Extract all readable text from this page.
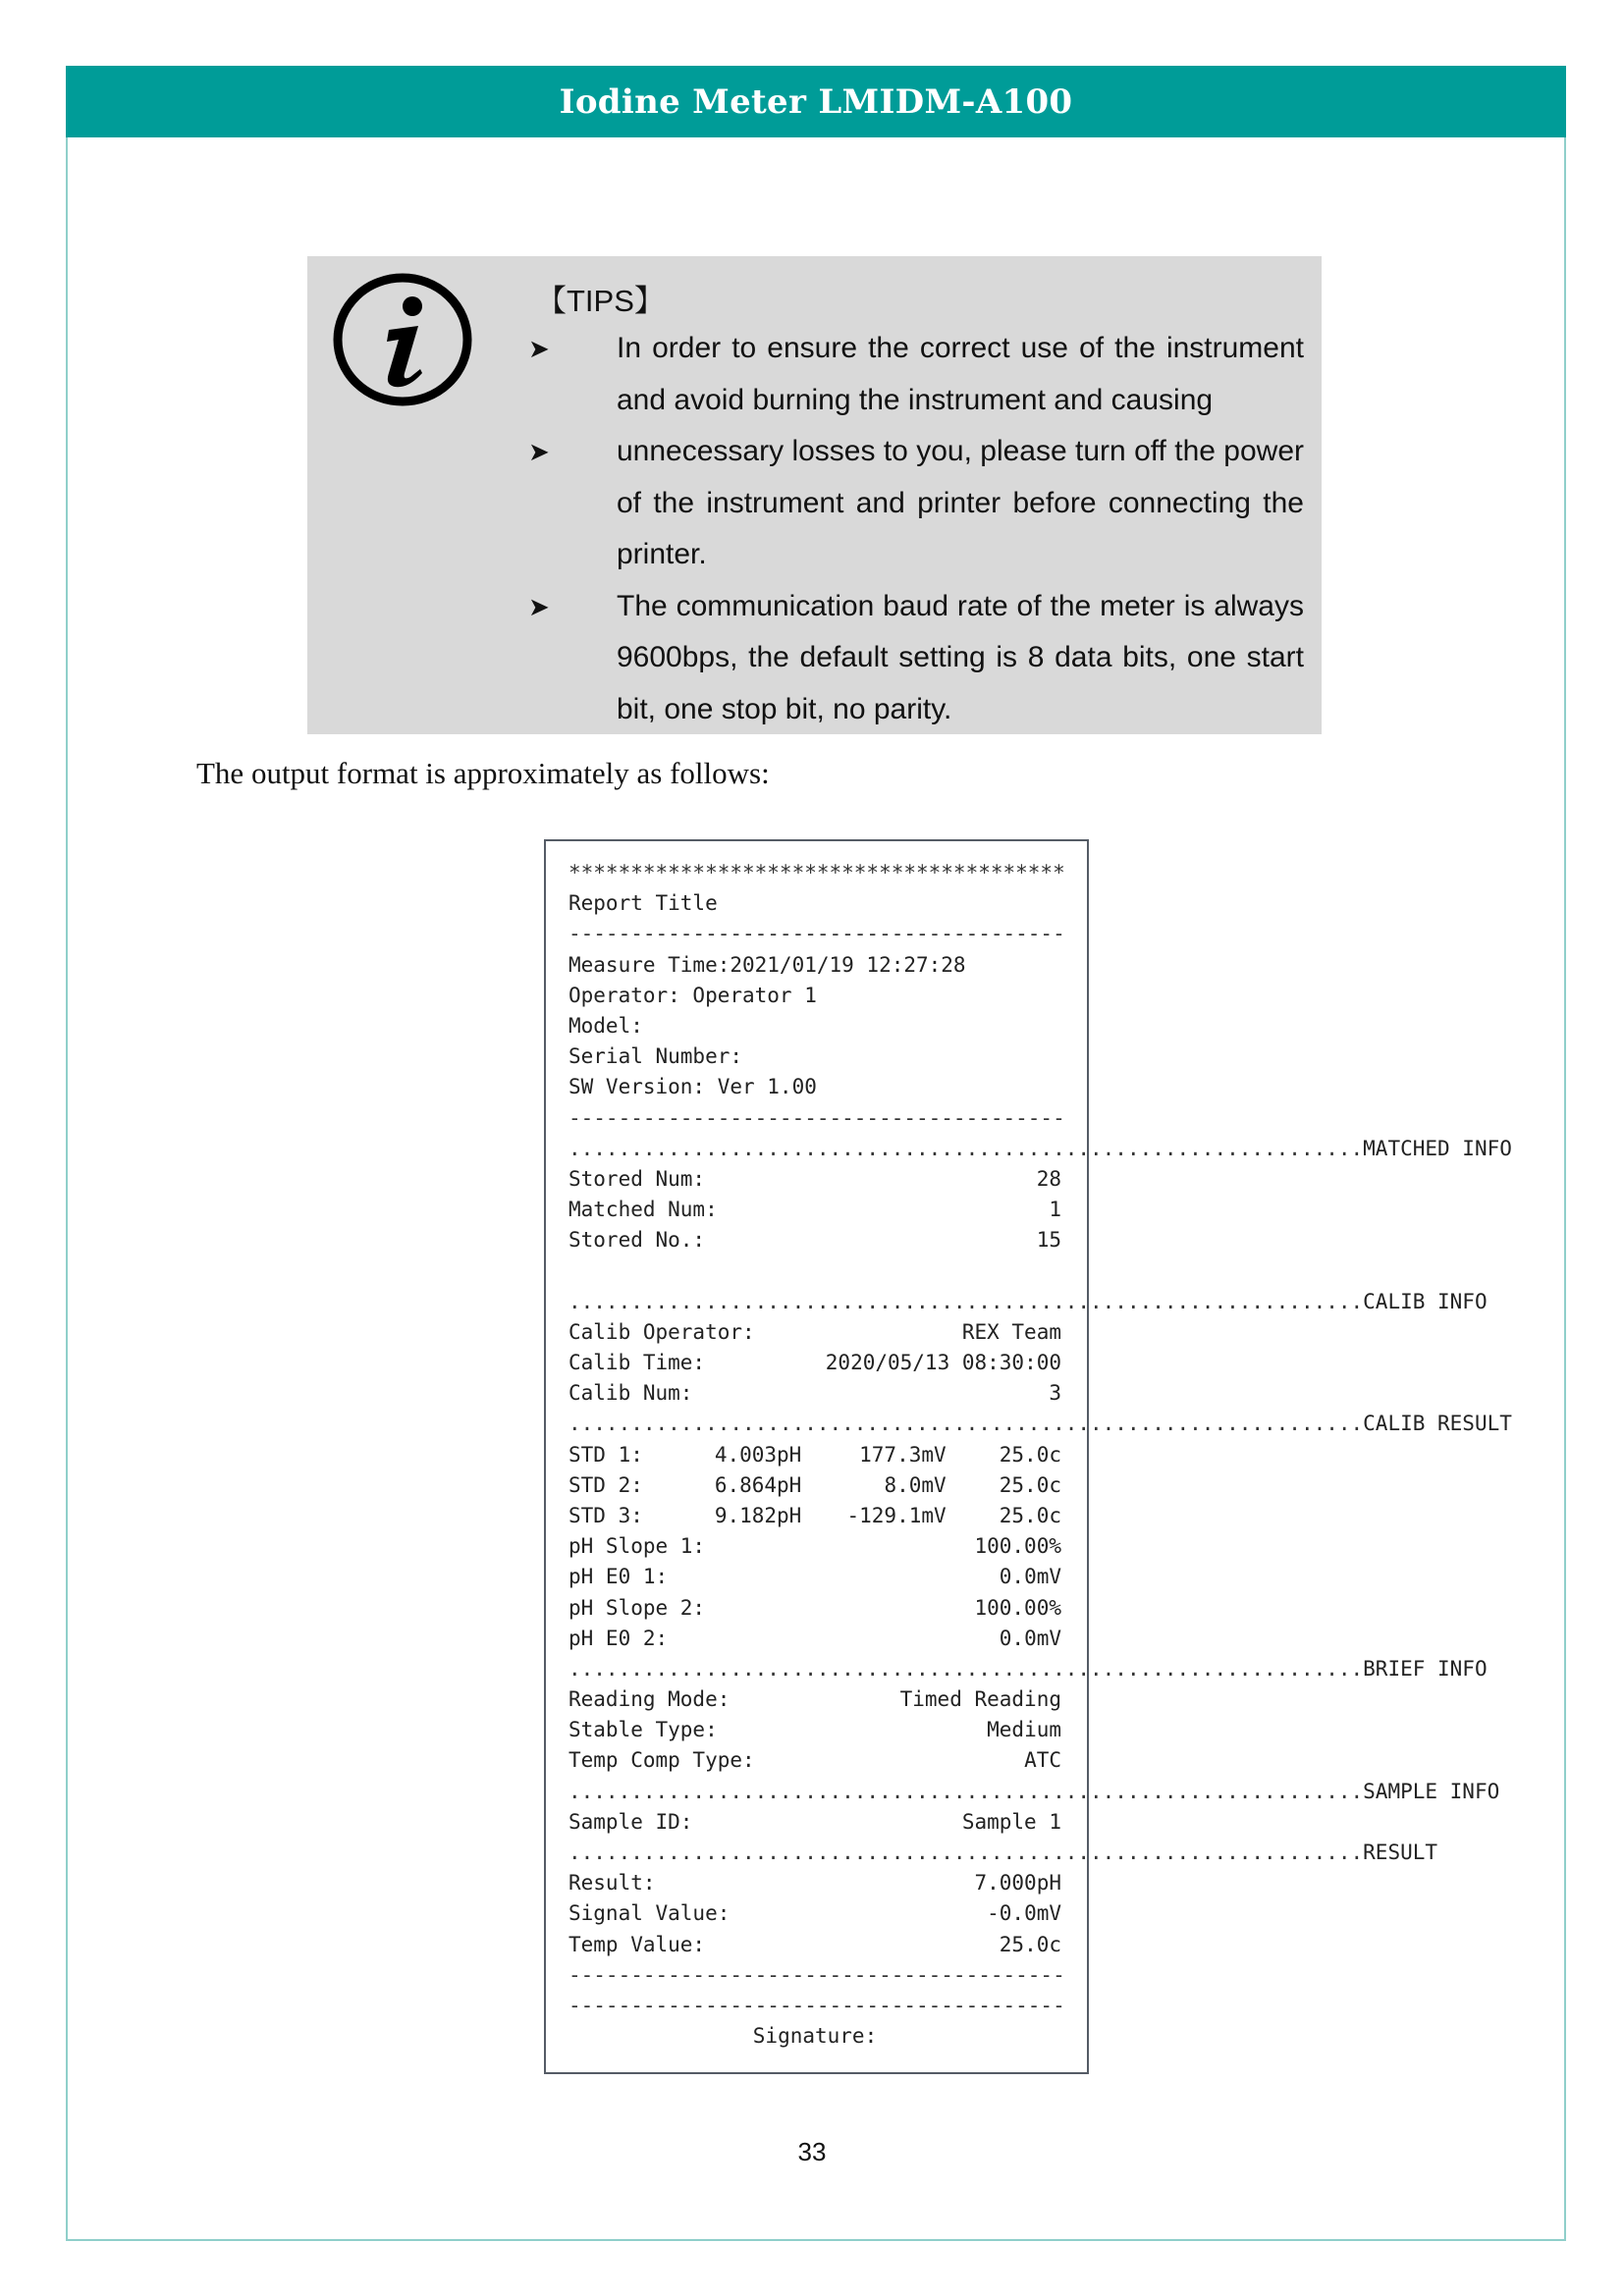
Iodine Meter LMIDM-A100
【TIPS】
➤ In order to ensure the correct use of the instrument and avoid burning the instrument and causing
➤ unnecessary losses to you, please turn off the power of the instrument and printer before connecting the printer.
➤ The communication baud rate of the meter is always 9600bps, the default setting is 8 data bits, one start bit, one stop bit, no parity.
The output format is approximately as follows:
****************************************
Report Title
----------------------------------------
Measure Time:2021/01/19 12:27:28
Operator: Operator 1
Model:
Serial Number:
SW Version: Ver 1.00
----------------------------------------
................................................................ MATCHED INFO
Stored Num:	28
Matched Num:	1
Stored No.:	15
................................................................ CALIB INFO
Calib Operator:	REX Team
Calib Time:	2020/05/13 08:30:00
Calib Num:	3
................................................................ CALIB RESULT
STD 1:	4.003pH	177.3mV	25.0c
STD 2:	6.864pH	8.0mV	25.0c
STD 3:	9.182pH	-129.1mV	25.0c
pH Slope 1:	100.00%
pH E0 1:	0.0mV
pH Slope 2:	100.00%
pH E0 2:	0.0mV
................................................................ BRIEF INFO
Reading Mode:	Timed Reading
Stable Type:	Medium
Temp Comp Type:	ATC
................................................................ SAMPLE INFO
Sample ID:	Sample 1
................................................................ RESULT
Result:	7.000pH
Signal Value:	-0.0mV
Temp Value:	25.0c
----------------------------------------
----------------------------------------
Signature:
33
